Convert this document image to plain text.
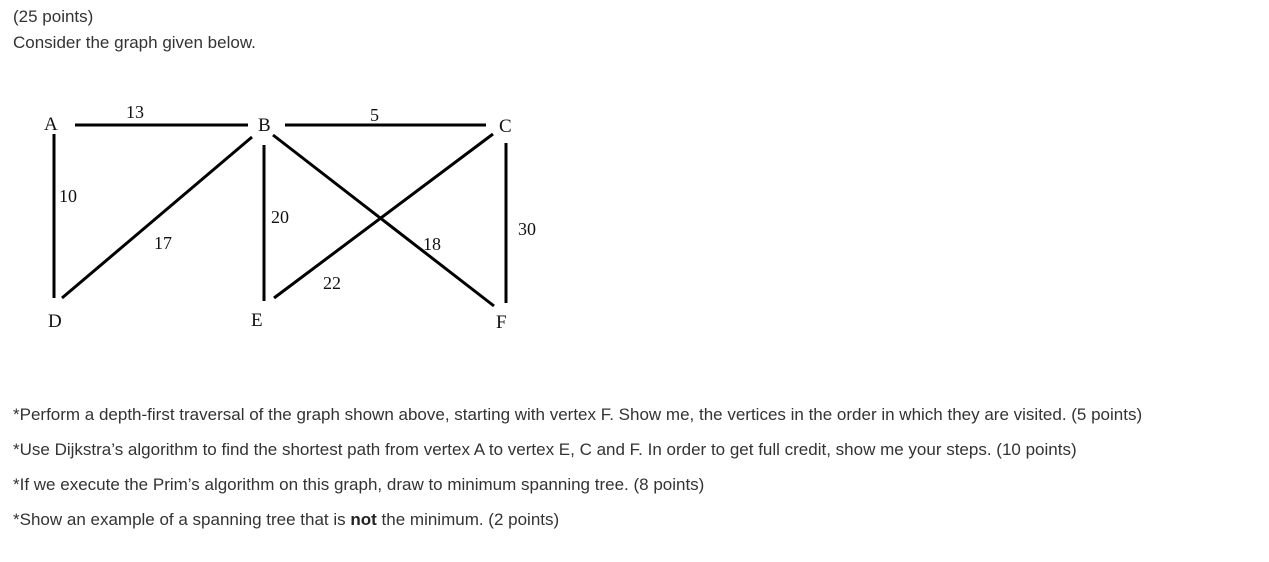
(25 points)

Consider the graph given below.

A	B	C
D	E	F
13	5
10
17
20
18
22
30

*Perform a depth-first traversal of the graph shown above, starting with vertex F. Show me, the vertices in the order in which they are visited. (5 points)

*Use Dijkstra’s algorithm to find the shortest path from vertex A to vertex E, C and F. In order to get full credit, show me your steps. (10 points)

*If we execute the Prim’s algorithm on this graph, draw to minimum spanning tree. (8 points)

*Show an example of a spanning tree that is not the minimum. (2 points)
